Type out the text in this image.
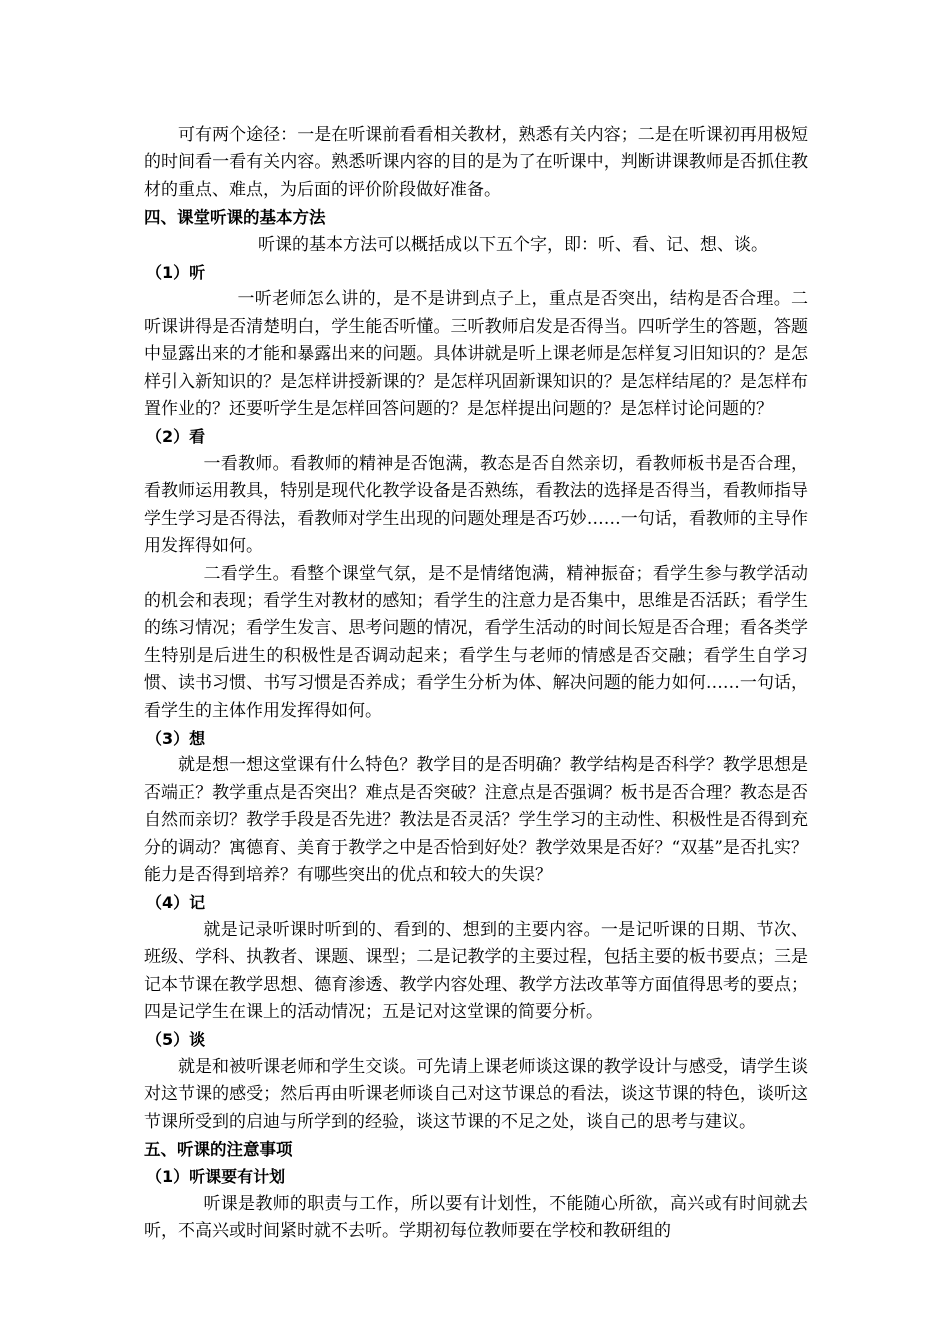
可有两个途径：一是在听课前看看相关教材，熟悉有关内容；二是在听课初再用极短的时间看一看有关内容。熟悉听课内容的目的是为了在听课中，判断讲课教师是否抓住教材的重点、难点，为后面的评价阶段做好准备。

四、课堂听课的基本方法

听课的基本方法可以概括成以下五个字，即：听、看、记、想、谈。

（1）听

一听老师怎么讲的，是不是讲到点子上，重点是否突出，结构是否合理。二听课讲得是否清楚明白，学生能否听懂。三听教师启发是否得当。四听学生的答题，答题中显露出来的才能和暴露出来的问题。具体讲就是听上课老师是怎样复习旧知识的？是怎样引入新知识的？是怎样讲授新课的？是怎样巩固新课知识的？是怎样结尾的？是怎样布置作业的？还要听学生是怎样回答问题的？是怎样提出问题的？是怎样讨论问题的？

（2）看

一看教师。看教师的精神是否饱满，教态是否自然亲切，看教师板书是否合理，看教师运用教具，特别是现代化教学设备是否熟练，看教法的选择是否得当，看教师指导学生学习是否得法，看教师对学生出现的问题处理是否巧妙……一句话，看教师的主导作用发挥得如何。

二看学生。看整个课堂气氛，是不是情绪饱满，精神振奋；看学生参与教学活动的机会和表现；看学生对教材的感知；看学生的注意力是否集中，思维是否活跃；看学生的练习情况；看学生发言、思考问题的情况，看学生活动的时间长短是否合理；看各类学生特别是后进生的积极性是否调动起来；看学生与老师的情感是否交融；看学生自学习惯、读书习惯、书写习惯是否养成；看学生分析为体、解决问题的能力如何……一句话，看学生的主体作用发挥得如何。

（3）想

就是想一想这堂课有什么特色？教学目的是否明确？教学结构是否科学？教学思想是否端正？教学重点是否突出？难点是否突破？注意点是否强调？板书是否合理？教态是否自然而亲切？教学手段是否先进？教法是否灵活？学生学习的主动性、积极性是否得到充分的调动？寓德育、美育于教学之中是否恰到好处？教学效果是否好？“双基”是否扎实？能力是否得到培养？有哪些突出的优点和较大的失误？

（4）记

就是记录听课时听到的、看到的、想到的主要内容。一是记听课的日期、节次、班级、学科、执教者、课题、课型；二是记教学的主要过程，包括主要的板书要点；三是记本节课在教学思想、德育渗透、教学内容处理、教学方法改革等方面值得思考的要点；四是记学生在课上的活动情况；五是记对这堂课的简要分析。

（5）谈

就是和被听课老师和学生交谈。可先请上课老师谈这课的教学设计与感受，请学生谈对这节课的感受；然后再由听课老师谈自己对这节课总的看法，谈这节课的特色，谈听这节课所受到的启迪与所学到的经验，谈这节课的不足之处，谈自己的思考与建议。

五、听课的注意事项

（1）听课要有计划

听课是教师的职责与工作，所以要有计划性，不能随心所欲，高兴或有时间就去听，不高兴或时间紧时就不去听。学期初每位教师要在学校和教研组的
